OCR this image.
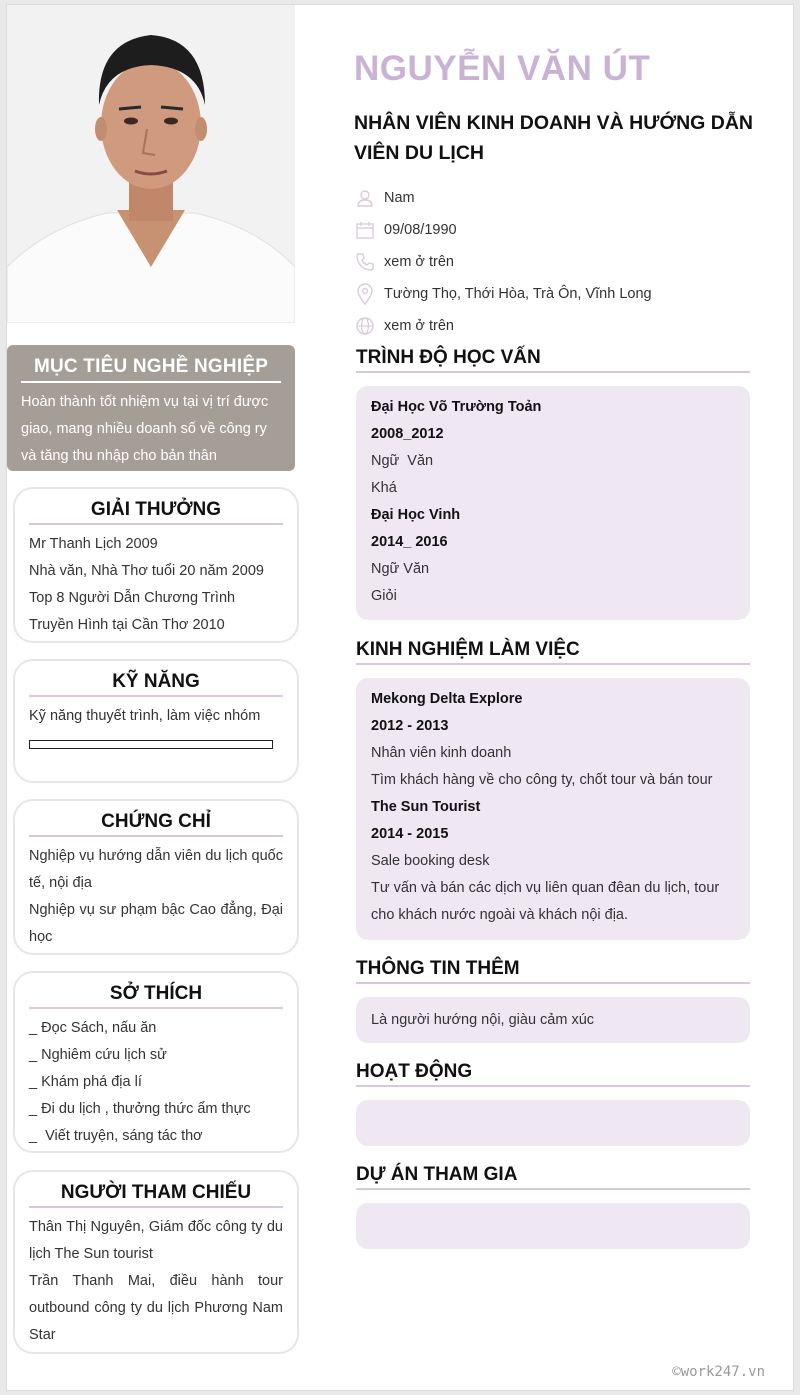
MỤC TIÊU NGHỀ NGHIỆP

Hoàn thành tốt nhiệm vụ tại vị trí được giao, mang nhiều doanh số về công ry và tăng thu nhập cho bản thân

GIẢI THƯỞNG
Mr Thanh Lịch 2009
Nhà văn, Nhà Thơ tuổi 20 năm 2009
Top 8 Người Dẫn Chương Trình Truyền Hình tại Cần Thơ 2010
KỸ NĂNG
Kỹ năng thuyết trình, làm việc nhóm
CHỨNG CHỈ
Nghiệp vụ hướng dẫn viên du lịch quốc tế, nội địa
Nghiệp vụ sư phạm bậc Cao đẳng, Đại học
SỞ THÍCH
_ Đọc Sách, nấu ăn
_ Nghiêm cứu lịch sử
_ Khám phá địa lí
_ Đi du lịch , thưởng thức ẩm thực
_  Viết truyện, sáng tác thơ
NGƯỜI THAM CHIẾU
Thân Thị Nguyên, Giám đốc công ty du lịch The Sun tourist
Trần Thanh Mai, điều hành tour outbound công ty du lịch Phương Nam Star
NGUYỄN VĂN ÚT
NHÂN VIÊN KINH DOANH VÀ HƯỚNG DẪN VIÊN DU LỊCH
Nam
09/08/1990
xem ở trên
Tường Thọ, Thới Hòa, Trà Ôn, Vĩnh Long
xem ở trên
TRÌNH ĐỘ HỌC VẤN
Đại Học Võ Trường Toản
2008_2012
Ngữ  Văn
Khá
Đại Học Vinh
2014_ 2016
Ngữ Văn
Giỏi
KINH NGHIỆM LÀM VIỆC
Mekong Delta Explore
2012 - 2013
Nhân viên kinh doanh
Tìm khách hàng về cho công ty, chốt tour và bán tour
The Sun Tourist
2014 - 2015
Sale booking desk
Tư vấn và bán các dịch vụ liên quan đêan du lịch, tour cho khách nước ngoài và khách nội địa.
THÔNG TIN THÊM
Là người hướng nội, giàu cảm xúc
HOẠT ĐỘNG
DỰ ÁN THAM GIA
©work247.vn
